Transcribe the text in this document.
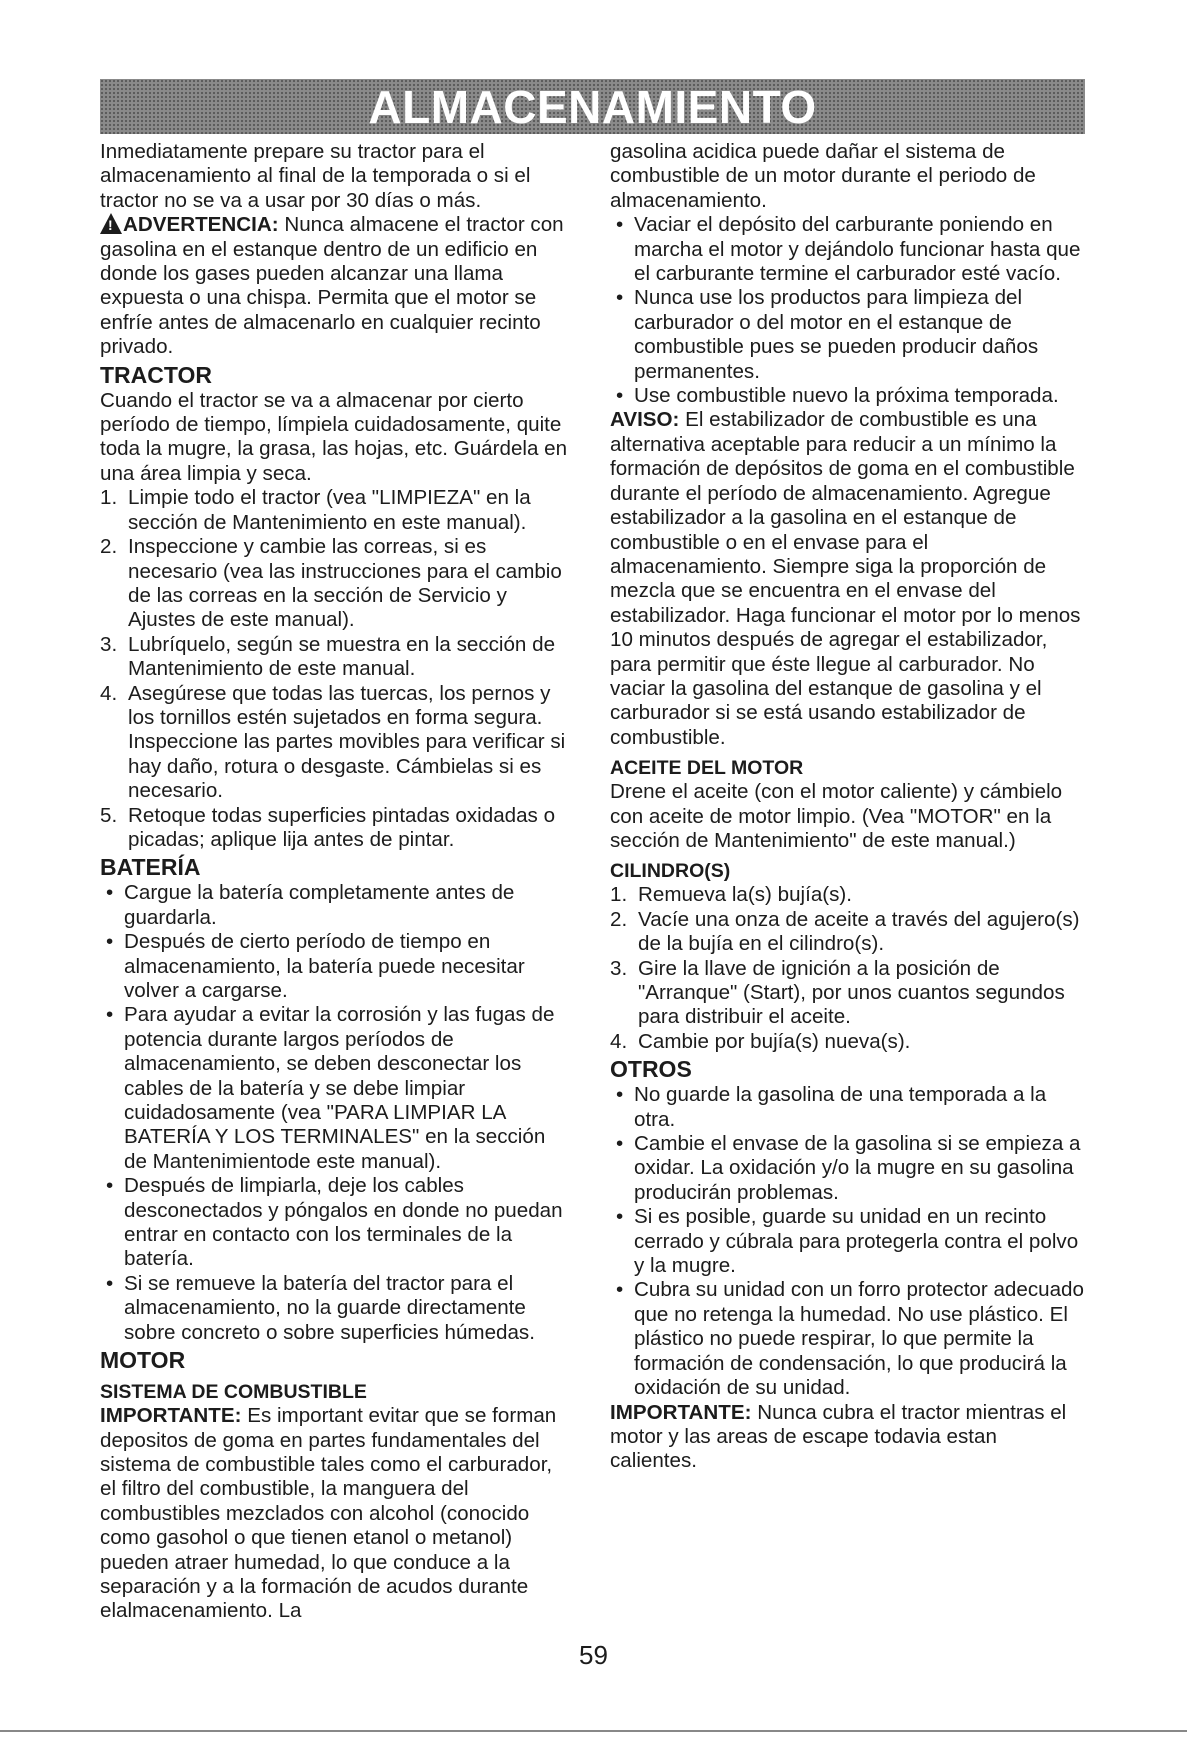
ALMACENAMIENTO

Inmediatamente prepare su tractor para el almacenamiento al final de la temporada o si el tractor no se va a usar por 30 días o más.

!ADVERTENCIA: Nunca almacene el tractor con gasolina en el estanque dentro de un edificio en donde los gases pueden alcanzar una llama expuesta o una chispa. Permita que el motor se enfríe antes de almacenarlo en cualquier recinto privado.

TRACTOR

Cuando el tractor se va a almacenar por cierto período de tiempo, límpiela cuidadosamente, quite toda la mugre, la grasa, las hojas, etc. Guárdela en una área limpia y seca.

1. Limpie todo el tractor (vea "LIMPIEZA" en la sección de Mantenimiento en este manual).
2. Inspeccione y cambie las correas, si es necesario (vea las instrucciones para el cambio de las correas en la sección de Servicio y Ajustes de este manual).
3. Lubríquelo, según se muestra en la sección de Mantenimiento de este manual.
4. Asegúrese que todas las tuercas, los pernos y los tornillos estén sujetados en forma segura. Inspeccione las partes movibles para verificar si hay daño, rotura o desgaste. Cámbielas si es necesario.
5. Retoque todas superficies pintadas oxidadas o picadas; aplique lija antes de pintar.
BATERÍA
• Cargue la batería completamente antes de guardarla.
• Después de cierto período de tiempo en almacenamiento, la batería puede necesitar volver a cargarse.
• Para ayudar a evitar la corrosión y las fugas de potencia durante largos períodos de almacenamiento, se deben desconectar los cables de la batería y se debe limpiar cuidadosamente (vea "PARA LIMPIAR LA BATERÍA Y LOS TERMINALES" en la sección de Mantenimientode este manual).
• Después de limpiarla, deje los cables desconectados y póngalos en donde no puedan entrar en contacto con los terminales de la batería.
• Si se remueve la batería del tractor para el almacenamiento, no la guarde directamente sobre concreto o sobre superficies húmedas.
MOTOR
SISTEMA DE COMBUSTIBLE

IMPORTANTE: Es important evitar que se forman depositos de goma en partes fundamentales del sistema de combustible tales como el carburador, el filtro del combustible, la manguera del combustibles mezclados con alcohol (conocido como gasohol o que tienen etanol o metanol) pueden atraer humedad, lo que conduce a la separación y a la formación de acudos durante elalmacenamiento. La

gasolina acidica puede dañar el sistema de combustible de un motor durante el periodo de almacenamiento.

• Vaciar el depósito del carburante poniendo en marcha el motor y dejándolo funcionar hasta que el carburante termine el carburador esté vacío.
• Nunca use los productos para limpieza del carburador o del motor en el estanque de combustible pues se pueden producir daños permanentes.
• Use combustible nuevo la próxima temporada.

AVISO: El estabilizador de combustible es una alternativa aceptable para reducir a un mínimo la formación de depósitos de goma en el combustible durante el período de almacenamiento. Agregue estabilizador a la gasolina en el estanque de combustible o en el envase para el almacenamiento. Siempre siga la proporción de mezcla que se encuentra en el envase del estabilizador. Haga funcionar el motor por lo menos 10 minutos después de agregar el estabilizador, para permitir que éste llegue al carburador. No vaciar la gasolina del estanque de gasolina y el carburador si se está usando estabilizador de combustible.

ACEITE DEL MOTOR

Drene el aceite (con el motor caliente) y cámbielo con aceite de motor limpio. (Vea "MOTOR" en la sección de Mantenimiento" de este manual.)

CILINDRO(S)
1. Remueva la(s) bujía(s).
2. Vacíe una onza de aceite a través del agujero(s) de la bujía en el cilindro(s).
3. Gire la llave de ignición a la posición de "Arranque" (Start), por unos cuantos segundos para distribuir el aceite.
4. Cambie por bujía(s) nueva(s).
OTROS
• No guarde la gasolina de una temporada a la otra.
• Cambie el envase de la gasolina si se empieza a oxidar. La oxidación y/o la mugre en su gasolina producirán problemas.
• Si es posible, guarde su unidad en un recinto cerrado y cúbrala para protegerla contra el polvo y la mugre.
• Cubra su unidad con un forro protector adecuado que no retenga la humedad. No use plástico. El plástico no puede respirar, lo que permite la formación de condensación, lo que producirá la oxidación de su unidad.

IMPORTANTE: Nunca cubra el tractor mientras el motor y las areas de escape todavia estan calientes.

59
